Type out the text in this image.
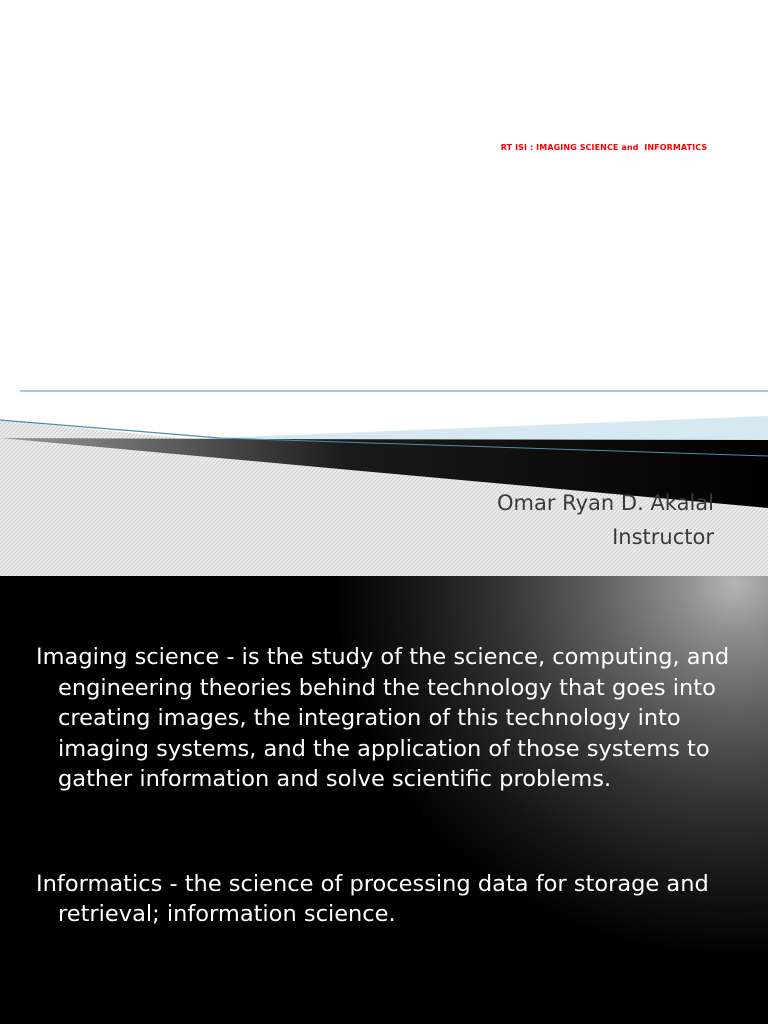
RT ISI : IMAGING SCIENCE and  INFORMATICS
Omar Ryan D. Akalal
Instructor

Imaging science - is the study of the science, computing, and engineering theories behind the technology that goes into creating images, the integration of this technology into imaging systems, and the application of those systems to gather information and solve scientific problems.

Informatics - the science of processing data for storage and retrieval; information science.
